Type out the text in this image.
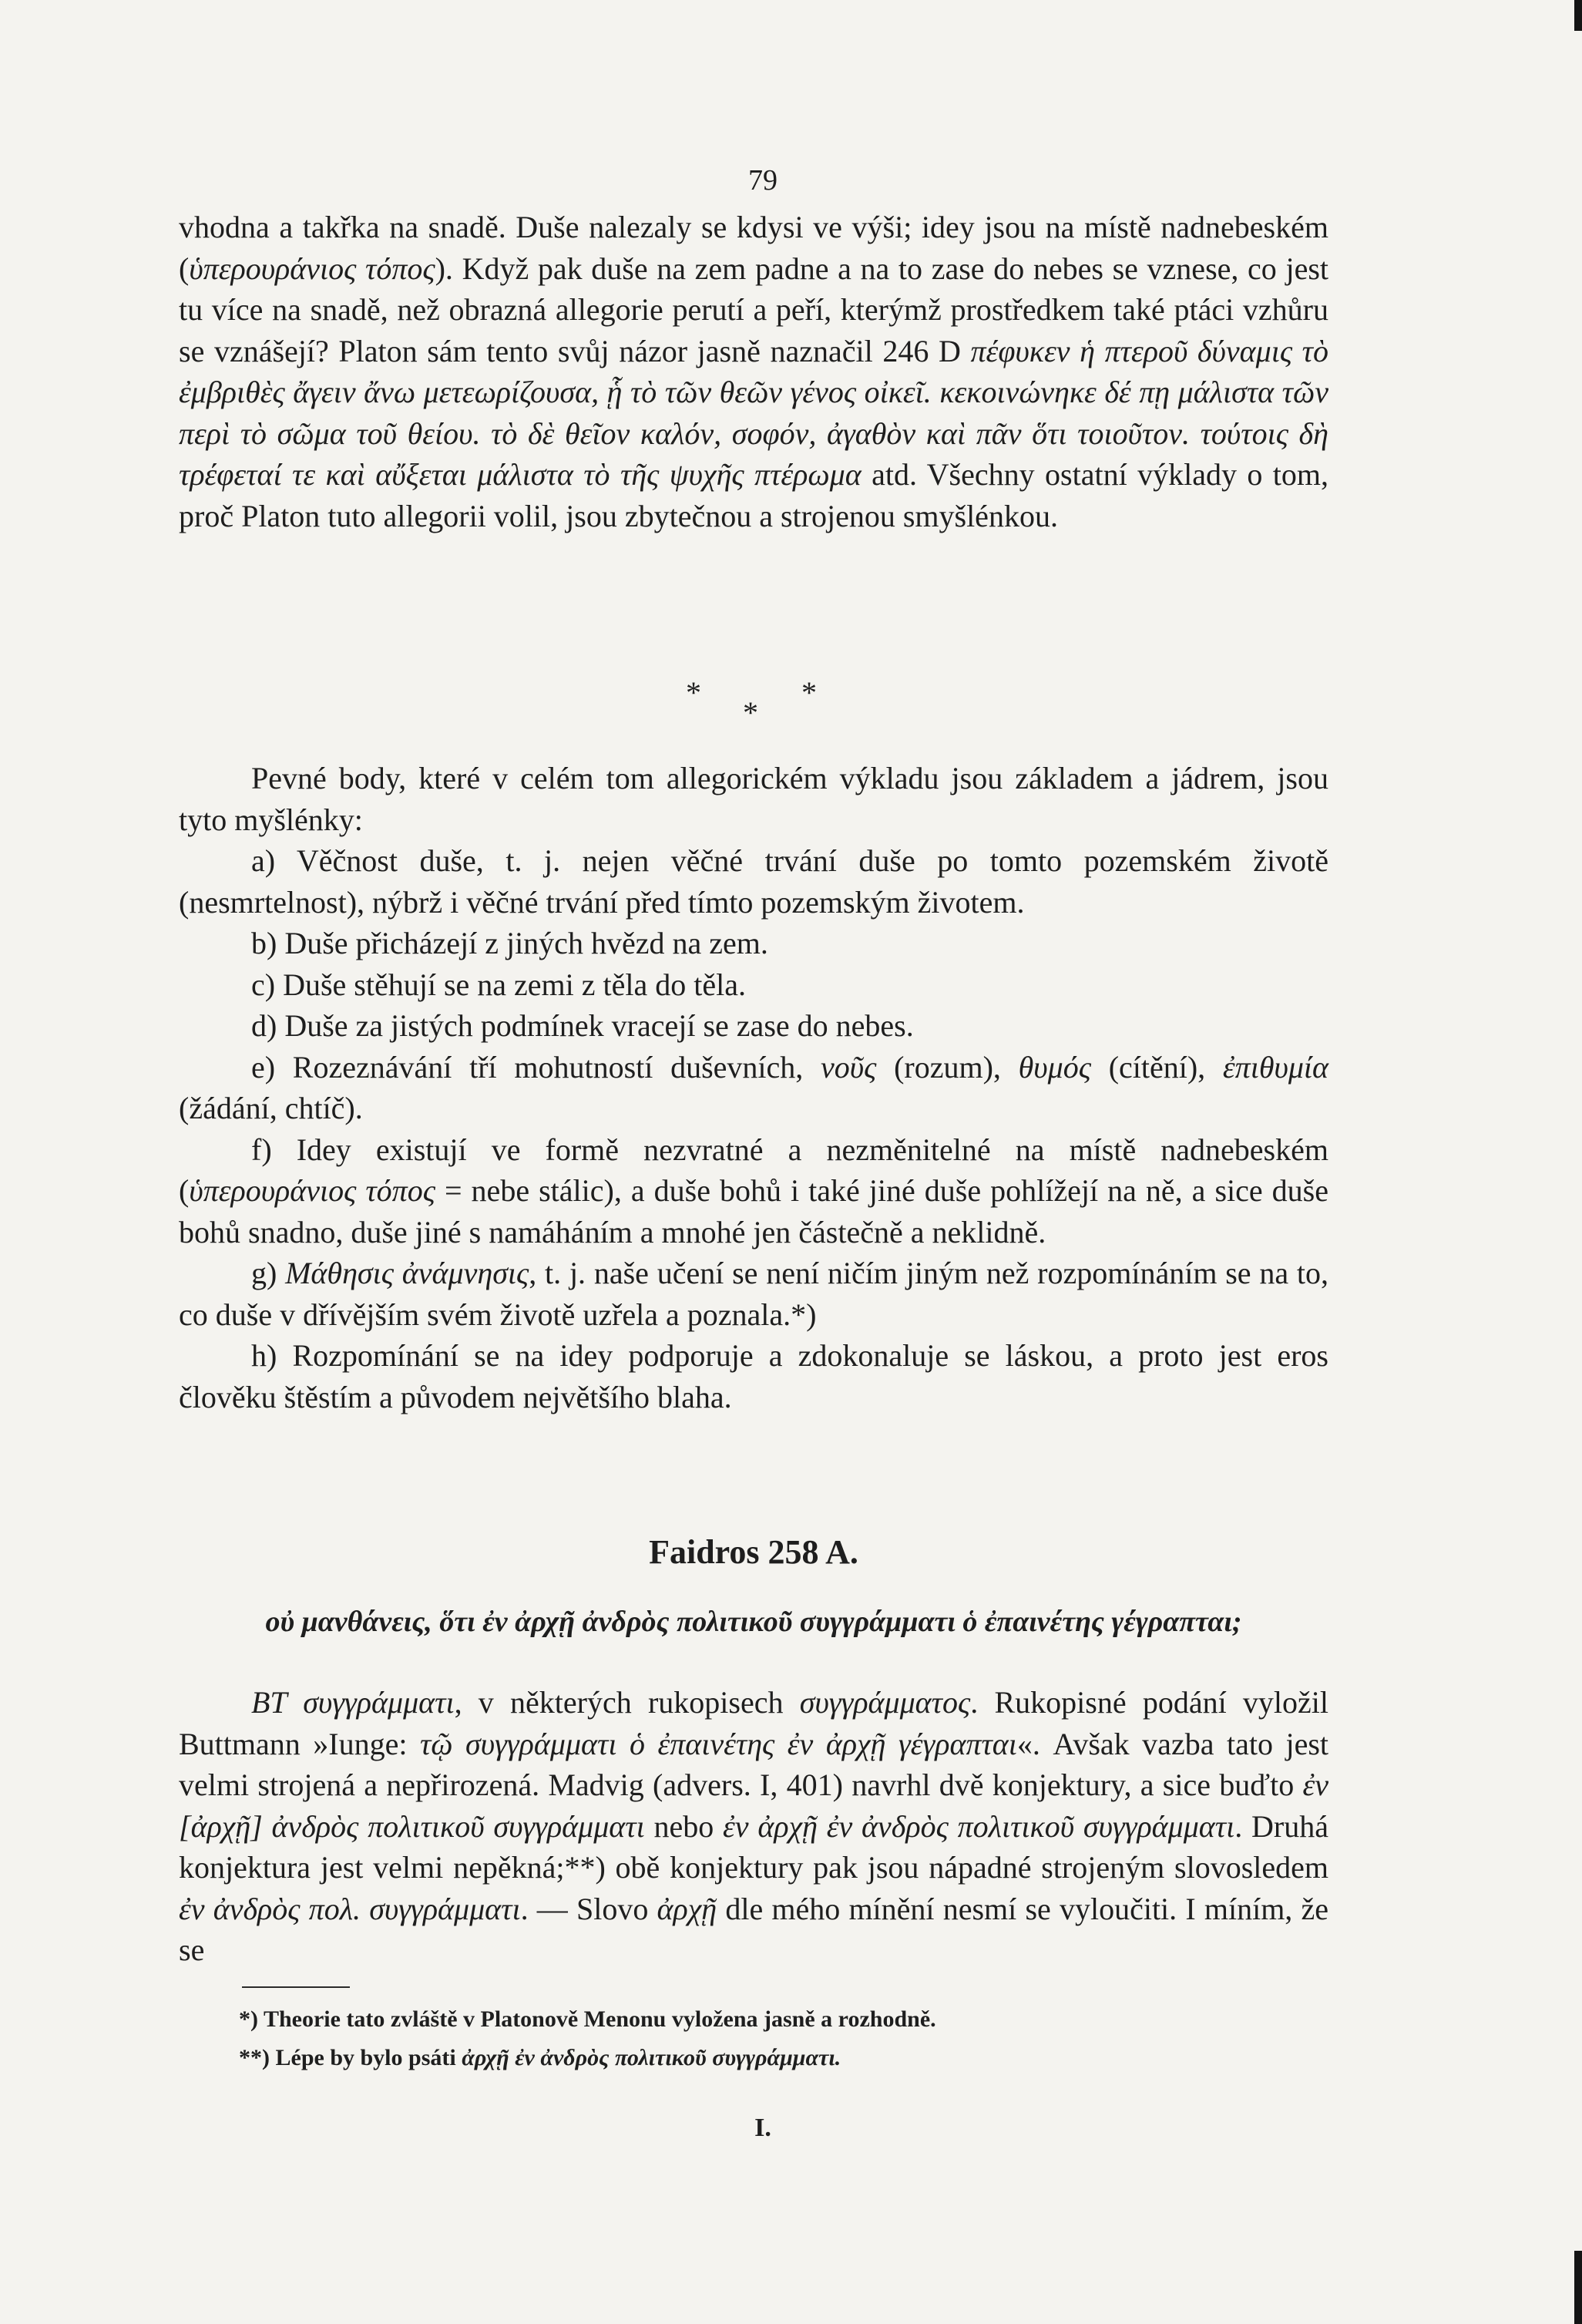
79

vhodna a takřka na snadě. Duše nalezaly se kdysi ve výši; idey jsou na místě nadnebeském (ὑπερουράνιος τόπος). Když pak duše na zem padne a na to zase do nebes se vznese, co jest tu více na snadě, než obrazná allegorie perutí a peří, kterýmž prostředkem také ptáci vzhůru se vznášejí? Platon sám tento svůj názor jasně naznačil 246 D πέφυκεν ἡ πτεροῦ δύναμις τὸ ἐμβριθὲς ἄγειν ἄνω μετεωρίζουσα, ᾗ τὸ τῶν θεῶν γένος οἰκεῖ. κεκοινώνηκε δέ πῃ μάλιστα τῶν περὶ τὸ σῶμα τοῦ θείου. τὸ δὲ θεῖον καλόν, σοφόν, ἀγαθὸν καὶ πᾶν ὅτι τοιοῦτον. τούτοις δὴ τρέφεταί τε καὶ αὔξεται μάλιστα τὸ τῆς ψυχῆς πτέρωμα atd. Všechny ostatní výklady o tom, proč Platon tuto allegorii volil, jsou zbytečnou a strojenou smyšlénkou.

*
*
*

Pevné body, které v celém tom allegorickém výkladu jsou základem a jádrem, jsou tyto myšlénky:

a) Věčnost duše, t. j. nejen věčné trvání duše po tomto pozemském životě (nesmrtelnost), nýbrž i věčné trvání před tímto pozemským životem.

b) Duše přicházejí z jiných hvězd na zem.

c) Duše stěhují se na zemi z těla do těla.

d) Duše za jistých podmínek vracejí se zase do nebes.

e) Rozeznávání tří mohutností duševních, νοῦς (rozum), θυμός (cítění), ἐπιθυμία (žádání, chtíč).

f) Idey existují ve formě nezvratné a nezměnitelné na místě nadnebeském (ὑπερουράνιος τόπος = nebe stálic), a duše bohů i také jiné duše pohlížejí na ně, a sice duše bohů snadno, duše jiné s namáháním a mnohé jen částečně a neklidně.

g) Μάθησις ἀνάμνησις, t. j. naše učení se není ničím jiným než rozpomínáním se na to, co duše v dřívějším svém životě uzřela a poznala.*)

h) Rozpomínání se na idey podporuje a zdokonaluje se láskou, a proto jest eros člověku štěstím a původem největšího blaha.

Faidros 258 A.
οὐ μανθάνεις, ὅτι ἐν ἀρχῇ ἀνδρὸς πολιτικοῦ συγγράμματι ὁ ἐπαινέτης γέγραπται;

BT συγγράμματι, v některých rukopisech συγγράμματος. Rukopisné podání vyložil Buttmann »Iunge: τῷ συγγράμματι ὁ ἐπαινέτης ἐν ἀρχῇ γέγραπται«. Avšak vazba tato jest velmi strojená a nepřirozená. Madvig (advers. I, 401) navrhl dvě konjektury, a sice buďto ἐν [ἀρχῇ] ἀνδρὸς πολιτικοῦ συγγράμματι nebo ἐν ἀρχῇ ἐν ἀνδρὸς πολιτικοῦ συγγράμματι. Druhá konjektura jest velmi nepěkná;**) obě konjektury pak jsou nápadné strojeným slovosledem ἐν ἀνδρὸς πολ. συγγράμματι. — Slovo ἀρχῇ dle mého mínění nesmí se vyloučiti. I míním, že se

*) Theorie tato zvláště v Platonově Menonu vyložena jasně a rozhodně.

**) Lépe by bylo psáti ἀρχῇ ἐν ἀνδρὸς πολιτικοῦ συγγράμματι.

I.
